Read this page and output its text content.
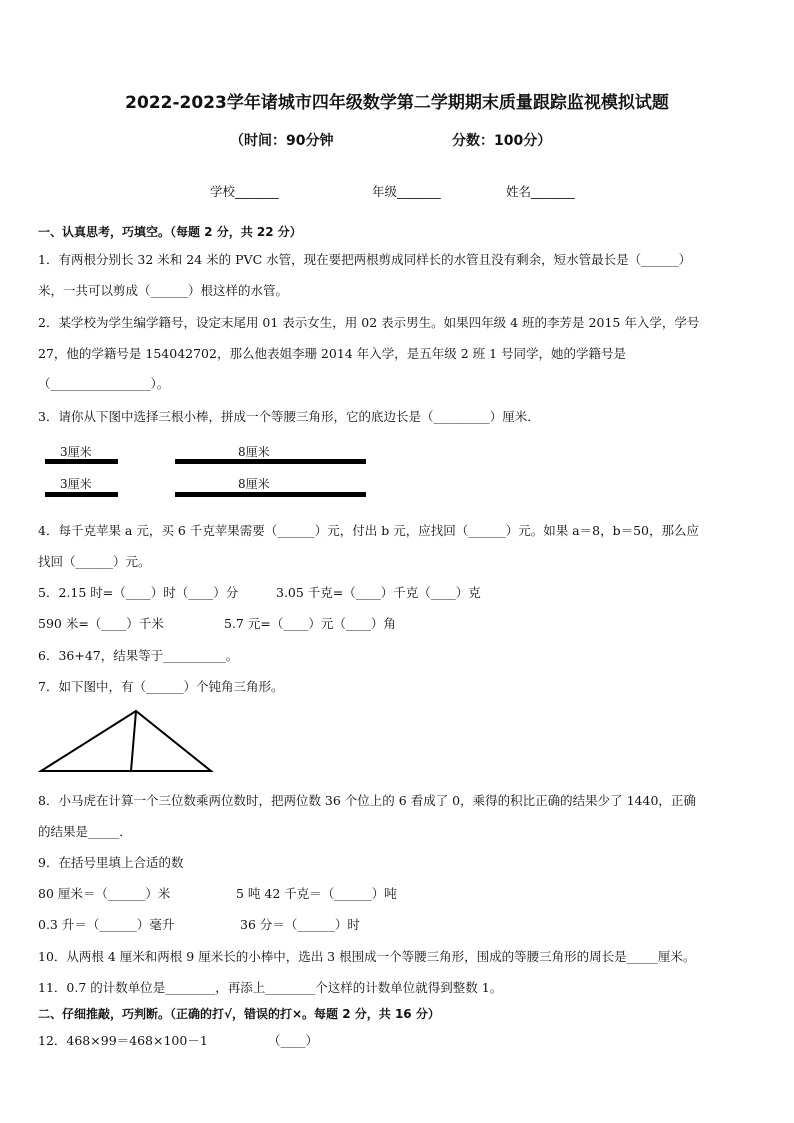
2022-2023学年诸城市四年级数学第二学期期末质量跟踪监视模拟试题
（时间：90分钟	分数：100分）
学校_______	年级_______	姓名_______
一、认真思考，巧填空。（每题 2 分，共 22 分）
1．有两根分别长 32 米和 24 米的 PVC 水管，现在要把两根剪成同样长的水管且没有剩余，短水管最长是（______）
米，一共可以剪成（______）根这样的水管。
2．某学校为学生编学籍号，设定末尾用 01 表示女生，用 02 表示男生。如果四年级 4 班的李芳是 2015 年入学，学号
27，他的学籍号是 154042702，那么他表姐李珊 2014 年入学，是五年级 2 班 1 号同学，她的学籍号是
（________________）。
3．请你从下图中选择三根小棒，拼成一个等腰三角形，它的底边长是（_________）厘米．
3厘米	8厘米
3厘米	8厘米
4．每千克苹果 a 元，买 6 千克苹果需要（______）元，付出 b 元，应找回（______）元。如果 a＝8，b＝50，那么应
找回（______）元。
5．2.15 时=（____）时（____）分	3.05 千克=（____）千克（____）克
590 米=（____）千米	5.7 元=（____）元（____）角
6．36+47，结果等于__________。
7．如下图中，有（______）个钝角三角形。
8．小马虎在计算一个三位数乘两位数时，把两位数 36 个位上的 6 看成了 0，乘得的积比正确的结果少了 1440，正确
的结果是_____．
9．在括号里填上合适的数
80 厘米＝（______）米	5 吨 42 千克＝（______）吨
0.3 升＝（______）毫升	36 分＝（______）时
10．从两根 4 厘米和两根 9 厘米长的小棒中，选出 3 根围成一个等腰三角形，围成的等腰三角形的周长是_____厘米。
11．0.7 的计数单位是________，再添上________个这样的计数单位就得到整数 1。
二、仔细推敲，巧判断。（正确的打√，错误的打×。每题 2 分，共 16 分）
12．468×99＝468×100－1	（____）
